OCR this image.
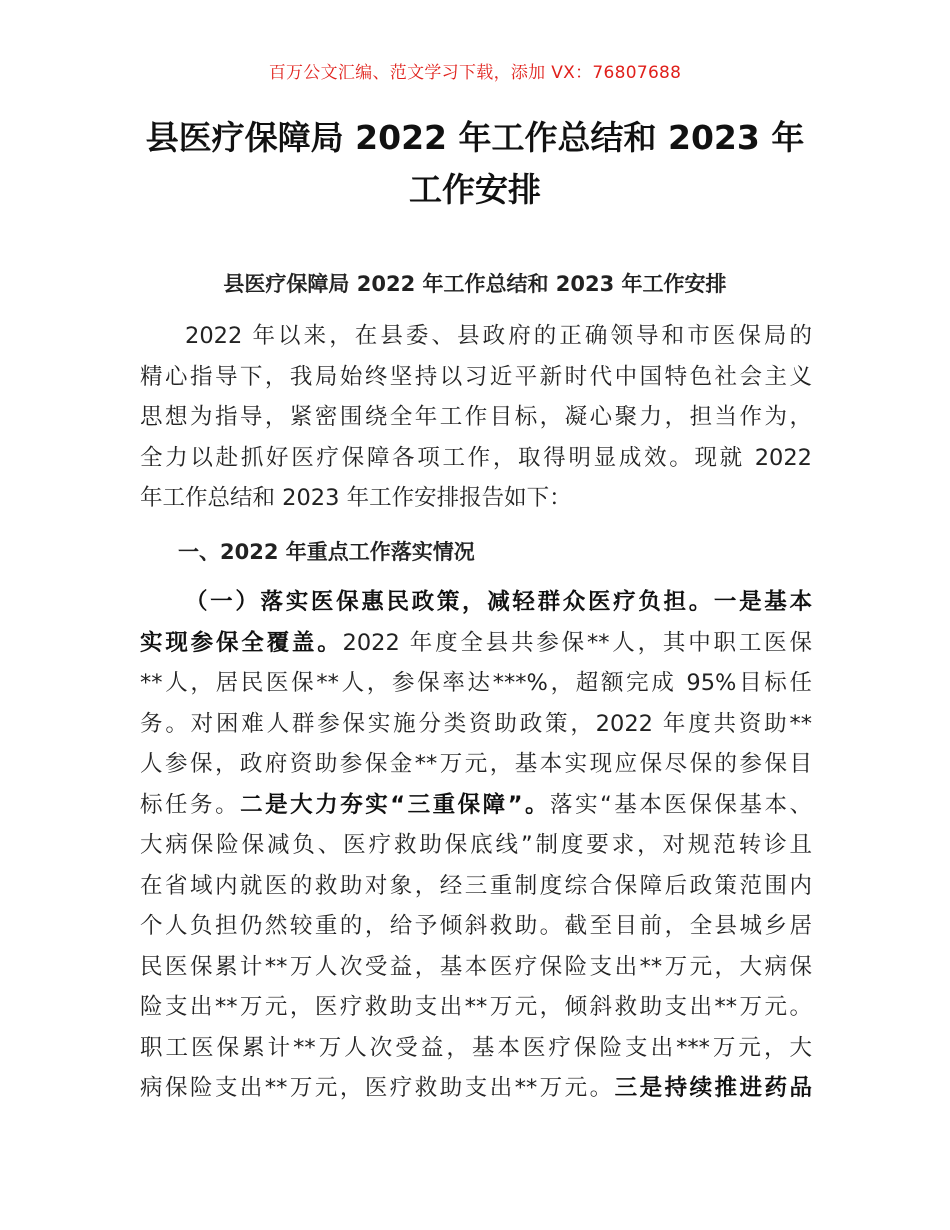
百万公文汇编、范文学习下载，添加 VX：76807688
县医疗保障局 2022 年工作总结和 2023 年
工作安排
县医疗保障局 2022 年工作总结和 2023 年工作安排

2022 年以来，在县委、县政府的正确领导和市医保局的

精心指导下，我局始终坚持以习近平新时代中国特色社会主义

思想为指导，紧密围绕全年工作目标，凝心聚力，担当作为，

全力以赴抓好医疗保障各项工作，取得明显成效。现就 2022

年工作总结和 2023 年工作安排报告如下：

一、2022 年重点工作落实情况
（一）落实医保惠民政策，减轻群众医疗负担。一是基本
实现参保全覆盖。2022 年度全县共参保**人，其中职工医保
**人，居民医保**人，参保率达***%，超额完成 95%目标任
务。对困难人群参保实施分类资助政策，2022 年度共资助**
人参保，政府资助参保金**万元，基本实现应保尽保的参保目
标任务。二是大力夯实“三重保障”。落实“基本医保保基本、
大病保险保减负、医疗救助保底线”制度要求，对规范转诊且
在省域内就医的救助对象，经三重制度综合保障后政策范围内
个人负担仍然较重的，给予倾斜救助。截至目前，全县城乡居
民医保累计**万人次受益，基本医疗保险支出**万元，大病保
险支出**万元，医疗救助支出**万元，倾斜救助支出**万元。
职工医保累计**万人次受益，基本医疗保险支出***万元，大
病保险支出**万元，医疗救助支出**万元。三是持续推进药品
